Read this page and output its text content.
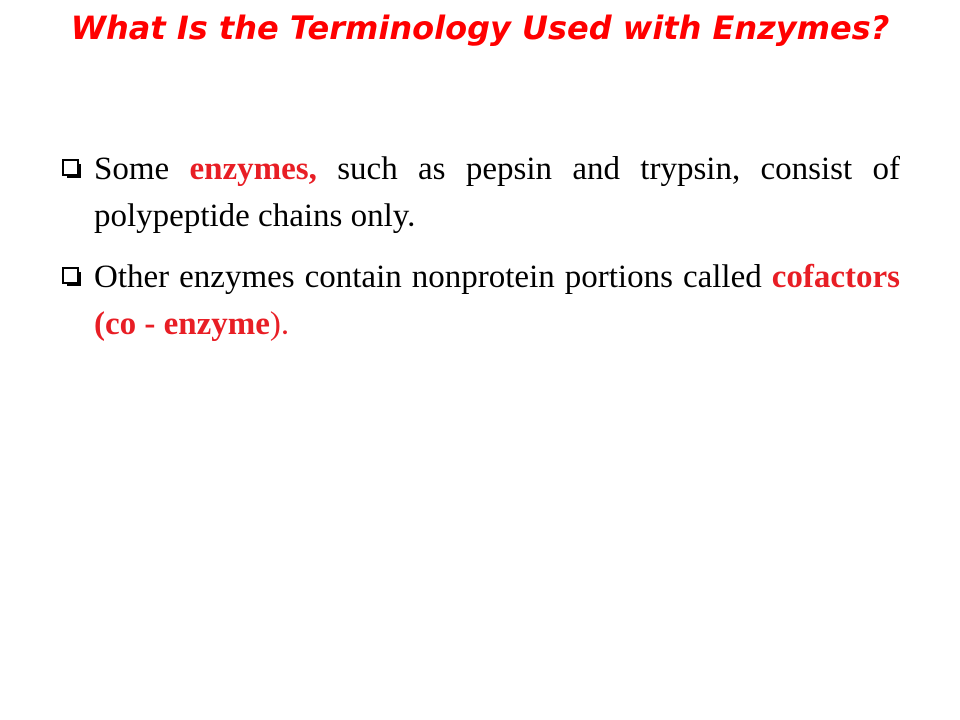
What Is the Terminology Used with Enzymes?
Some enzymes, such as pepsin and trypsin, consist of polypeptide chains only.
Other enzymes contain nonprotein portions called cofactors (co - enzyme).
